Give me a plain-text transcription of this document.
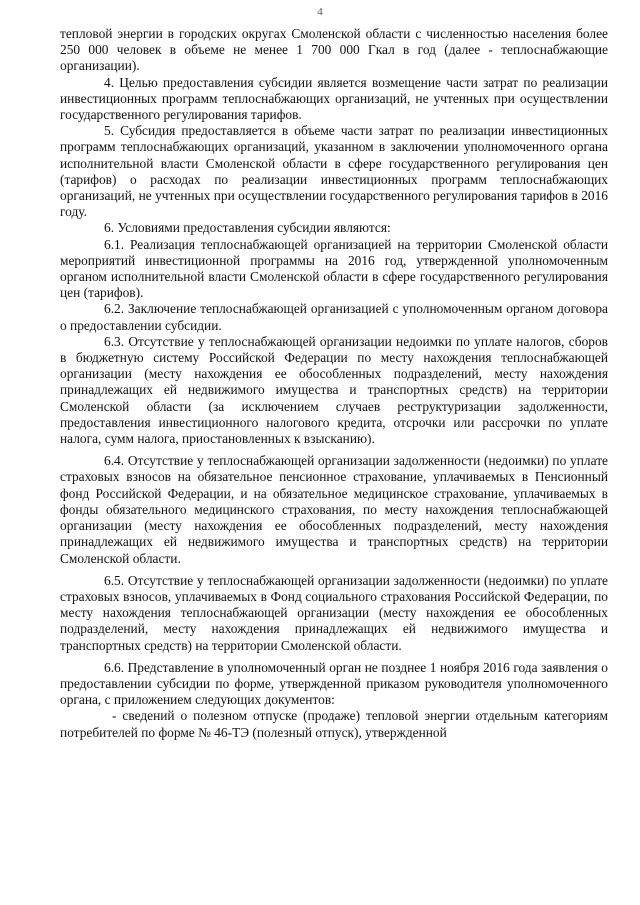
4

тепловой энергии в городских округах Смоленской области с численностью населения более 250 000 человек в объеме не менее 1 700 000 Гкал в год (далее - теплоснабжающие организации).

4. Целью предоставления субсидии является возмещение части затрат по реализации инвестиционных программ теплоснабжающих организаций, не учтенных при осуществлении государственного регулирования тарифов.

5. Субсидия предоставляется в объеме части затрат по реализации инвестиционных программ теплоснабжающих организаций, указанном в заключении уполномоченного органа исполнительной власти Смоленской области в сфере государственного регулирования цен (тарифов) о расходах по реализации инвестиционных программ теплоснабжающих организаций, не учтенных при осуществлении государственного регулирования тарифов в 2016 году.

6. Условиями предоставления субсидии являются:

6.1. Реализация теплоснабжающей организацией на территории Смоленской области мероприятий инвестиционной программы на 2016 год, утвержденной уполномоченным органом исполнительной власти Смоленской области в сфере государственного регулирования цен (тарифов).

6.2. Заключение теплоснабжающей организацией с уполномоченным органом договора о предоставлении субсидии.

6.3. Отсутствие у теплоснабжающей организации недоимки по уплате налогов, сборов в бюджетную систему Российской Федерации по месту нахождения теплоснабжающей организации (месту нахождения ее обособленных подразделений, месту нахождения принадлежащих ей недвижимого имущества и транспортных средств) на территории Смоленской области (за исключением случаев реструктуризации задолженности, предоставления инвестиционного налогового кредита, отсрочки или рассрочки по уплате налога, сумм налога, приостановленных к взысканию).

6.4. Отсутствие у теплоснабжающей организации задолженности (недоимки) по уплате страховых взносов на обязательное пенсионное страхование, уплачиваемых в Пенсионный фонд Российской Федерации, и на обязательное медицинское страхование, уплачиваемых в фонды обязательного медицинского страхования, по месту нахождения теплоснабжающей организации (месту нахождения ее обособленных подразделений, месту нахождения принадлежащих ей недвижимого имущества и транспортных средств) на территории Смоленской области.

6.5. Отсутствие у теплоснабжающей организации задолженности (недоимки) по уплате страховых взносов, уплачиваемых в Фонд социального страхования Российской Федерации, по месту нахождения теплоснабжающей организации (месту нахождения ее обособленных подразделений, месту нахождения принадлежащих ей недвижимого имущества и транспортных средств) на территории Смоленской области.

6.6. Представление в уполномоченный орган не позднее 1 ноября 2016 года заявления о предоставлении субсидии по форме, утвержденной приказом руководителя уполномоченного органа, с приложением следующих документов:

- сведений о полезном отпуске (продаже) тепловой энергии отдельным категориям потребителей по форме № 46-ТЭ (полезный отпуск), утвержденной
